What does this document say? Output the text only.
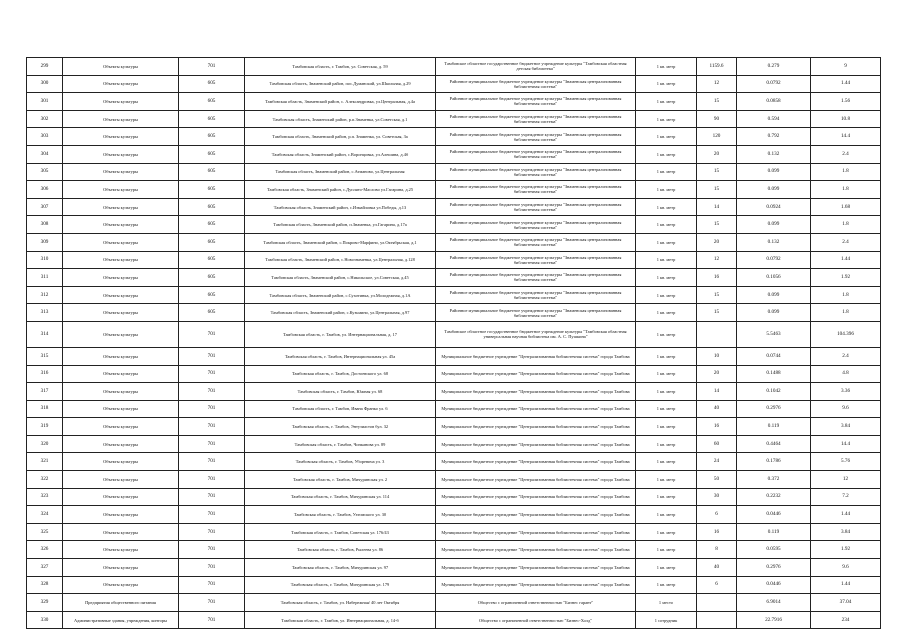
299	Объекты культуры	701	Тамбовская область, г. Тамбов, ул. Советская, д. 59	Тамбовское областное государственное бюджетное учреждение культуры "Тамбовская областная детская библиотека"	1 кв. метр	1159.6	0.279	9
300	Объекты культуры	605	Тамбовская область, Знаменский район, пос.Думанский, ул.Школьная, д.29	Районное муниципальное бюджетное учреждение культуры "Знаменская централизованная библиотечная система"	1 кв. метр	12	0.0792	1.44
301	Объекты культуры	605	Тамбовская область, Знаменский район, с. Александровка, ул.Центральная, д.4а	Районное муниципальное бюджетное учреждение культуры "Знаменская централизованная библиотечная система"	1 кв. метр	15	0.0858	1.56
302	Объекты культуры	605	Тамбовская область, Знаменский район, р.п.Знаменка, ул.Советская, д.1	Районное муниципальное бюджетное учреждение культуры "Знаменская централизованная библиотечная система"	1 кв. метр	90	0.594	10.8
303	Объекты культуры	605	Тамбовская область, Знаменский район, р.п. Знаменка, ул. Советская, 3а	Районное муниципальное бюджетное учреждение культуры "Знаменская централизованная библиотечная система"	1 кв. метр	120	0.792	14.4
304	Объекты культуры	605	Тамбовская область, Знаменский район, с.Воронцовка, ул.Алешина, д.4б	Районное муниципальное бюджетное учреждение культуры "Знаменская централизованная библиотечная система"	1 кв. метр	20	0.132	2.4
305	Объекты культуры	605	Тамбовская область, Знаменский район, с.Атманово, ул.Центральная	Районное муниципальное бюджетное учреждение культуры "Знаменская централизованная библиотечная система"	1 кв. метр	15	0.099	1.8
306	Объекты культуры	605	Тамбовская область, Знаменский район, с.Дуплято-Маслово ул.Гагарина, д.25	Районное муниципальное бюджетное учреждение культуры "Знаменская централизованная библиотечная система"	1 кв. метр	15	0.099	1.8
307	Объекты культуры	605	Тамбовская область, Знаменский район, с.Измайловка ул.Победы, д.13	Районное муниципальное бюджетное учреждение культуры "Знаменская централизованная библиотечная система"	1 кв. метр	14	0.0924	1.68
308	Объекты культуры	605	Тамбовская область, Знаменский район, п.Знаменка, ул.Гагарина, д.17а	Районное муниципальное бюджетное учреждение культуры "Знаменская централизованная библиотечная система"	1 кв. метр	15	0.099	1.8
309	Объекты культуры	605	Тамбовская область, Знаменский район, с.Покрово-Марфино, ул.Октябрьская, д.1	Районное муниципальное бюджетное учреждение культуры "Знаменская централизованная библиотечная система"	1 кв. метр	20	0.132	2.4
310	Объекты культуры	605	Тамбовская область, Знаменский район, с.Новознаменка, ул.Центральная, д.128	Районное муниципальное бюджетное учреждение культуры "Знаменская централизованная библиотечная система"	1 кв. метр	12	0.0792	1.44
311	Объекты культуры	605	Тамбовская область, Знаменский район, с.Никольское, ул.Советская, д.45	Районное муниципальное бюджетное учреждение культуры "Знаменская централизованная библиотечная система"	1 кв. метр	16	0.1056	1.92
312	Объекты культуры	605	Тамбовская область, Знаменский район, с.Сухотинка, ул.Молодежная, д.1А	Районное муниципальное бюджетное учреждение культуры "Знаменская централизованная библиотечная система"	1 кв. метр	15	0.099	1.8
313	Объекты культуры	605	Тамбовская область, Знаменский район, с.Кузьмино, ул.Центральная, д.97	Районное муниципальное бюджетное учреждение культуры "Знаменская централизованная библиотечная система"	1 кв. метр	15	0.099	1.8
314	Объекты культуры	701	Тамбовская область, г. Тамбов, ул. Интернациональная, д. 17	Тамбовское областное государственное бюджетное учреждение культуры "Тамбовская областная универсальная научная библиотека им. А. С. Пушкина"	1 кв. метр		5.5463	104.396
315	Объекты культуры	701	Тамбовская область, г. Тамбов, Интернациональная ул. 45а	Муниципальное бюджетное учреждение "Централизованная библиотечная система" города Тамбова	1 кв. метр	10	0.0744	2.4
316	Объекты культуры	701	Тамбовская область, г. Тамбов, Достоевского ул. 68	Муниципальное бюджетное учреждение "Централизованная библиотечная система" города Тамбова	1 кв. метр	20	0.1488	4.8
317	Объекты культуры	701	Тамбовская область, г. Тамбов, Южная ул. 68	Муниципальное бюджетное учреждение "Централизованная библиотечная система" города Тамбова	1 кв. метр	14	0.1042	3.36
318	Объекты культуры	701	Тамбовская область, г. Тамбов, Ивана Франко ул. 6	Муниципальное бюджетное учреждение "Централизованная библиотечная система" города Тамбова	1 кв. метр	40	0.2976	9.6
319	Объекты культуры	701	Тамбовская область, г. Тамбов, Энтузиастов бул. 32	Муниципальное бюджетное учреждение "Централизованная библиотечная система" города Тамбова	1 кв. метр	16	0.119	3.84
320	Объекты культуры	701	Тамбовская область, г. Тамбов, Чичканова ул. 89	Муниципальное бюджетное учреждение "Централизованная библиотечная система" города Тамбова	1 кв. метр	60	0.4464	14.4
321	Объекты культуры	701	Тамбовская область, г. Тамбов, Уборевича ул. 3	Муниципальное бюджетное учреждение "Централизованная библиотечная система" города Тамбова	1 кв. метр	24	0.1786	5.76
322	Объекты культуры	701	Тамбовская область, г. Тамбов, Мичуринская ул. 2	Муниципальное бюджетное учреждение "Централизованная библиотечная система" города Тамбова	1 кв. метр	50	0.372	12
323	Объекты культуры	701	Тамбовская область, г. Тамбов, Мичуринская ул. 114	Муниципальное бюджетное учреждение "Централизованная библиотечная система" города Тамбова	1 кв. метр	30	0.2232	7.2
324	Объекты культуры	701	Тамбовская область, г. Тамбов, Ухтомского ул. 30	Муниципальное бюджетное учреждение "Централизованная библиотечная система" города Тамбова	1 кв. метр	6	0.0446	1.44
325	Объекты культуры	701	Тамбовская область, г. Тамбов, Советская ул. 176/43	Муниципальное бюджетное учреждение "Централизованная библиотечная система" города Тамбова	1 кв. метр	16	0.119	3.84
326	Объекты культуры	701	Тамбовская область, г. Тамбов, Рылеева ул. 86	Муниципальное бюджетное учреждение "Централизованная библиотечная система" города Тамбова	1 кв. метр	8	0.0595	1.92
327	Объекты культуры	701	Тамбовская область, г. Тамбов, Мичуринская ул. 97	Муниципальное бюджетное учреждение "Централизованная библиотечная система" города Тамбова	1 кв. метр	40	0.2976	9.6
328	Объекты культуры	701	Тамбовская область, г. Тамбов, Мичуринская ул. 179	Муниципальное бюджетное учреждение "Централизованная библиотечная система" города Тамбова	1 кв. метр	6	0.0446	1.44
329	Предприятия общественного питания	701	Тамбовская область, г. Тамбов, ул. Набережная/ 40 лет Октября	Общество с ограниченной ответственностью "Бизнес гарант"	1 место		6.9014	37.04
330	Административные здания, учреждения, конторы	701	Тамбовская область, г. Тамбов, ул. Интернациональная, д. 14-б	Общество с ограниченной ответственностью "Бизнес-Холд"	1 сотрудник		22.7916	234
